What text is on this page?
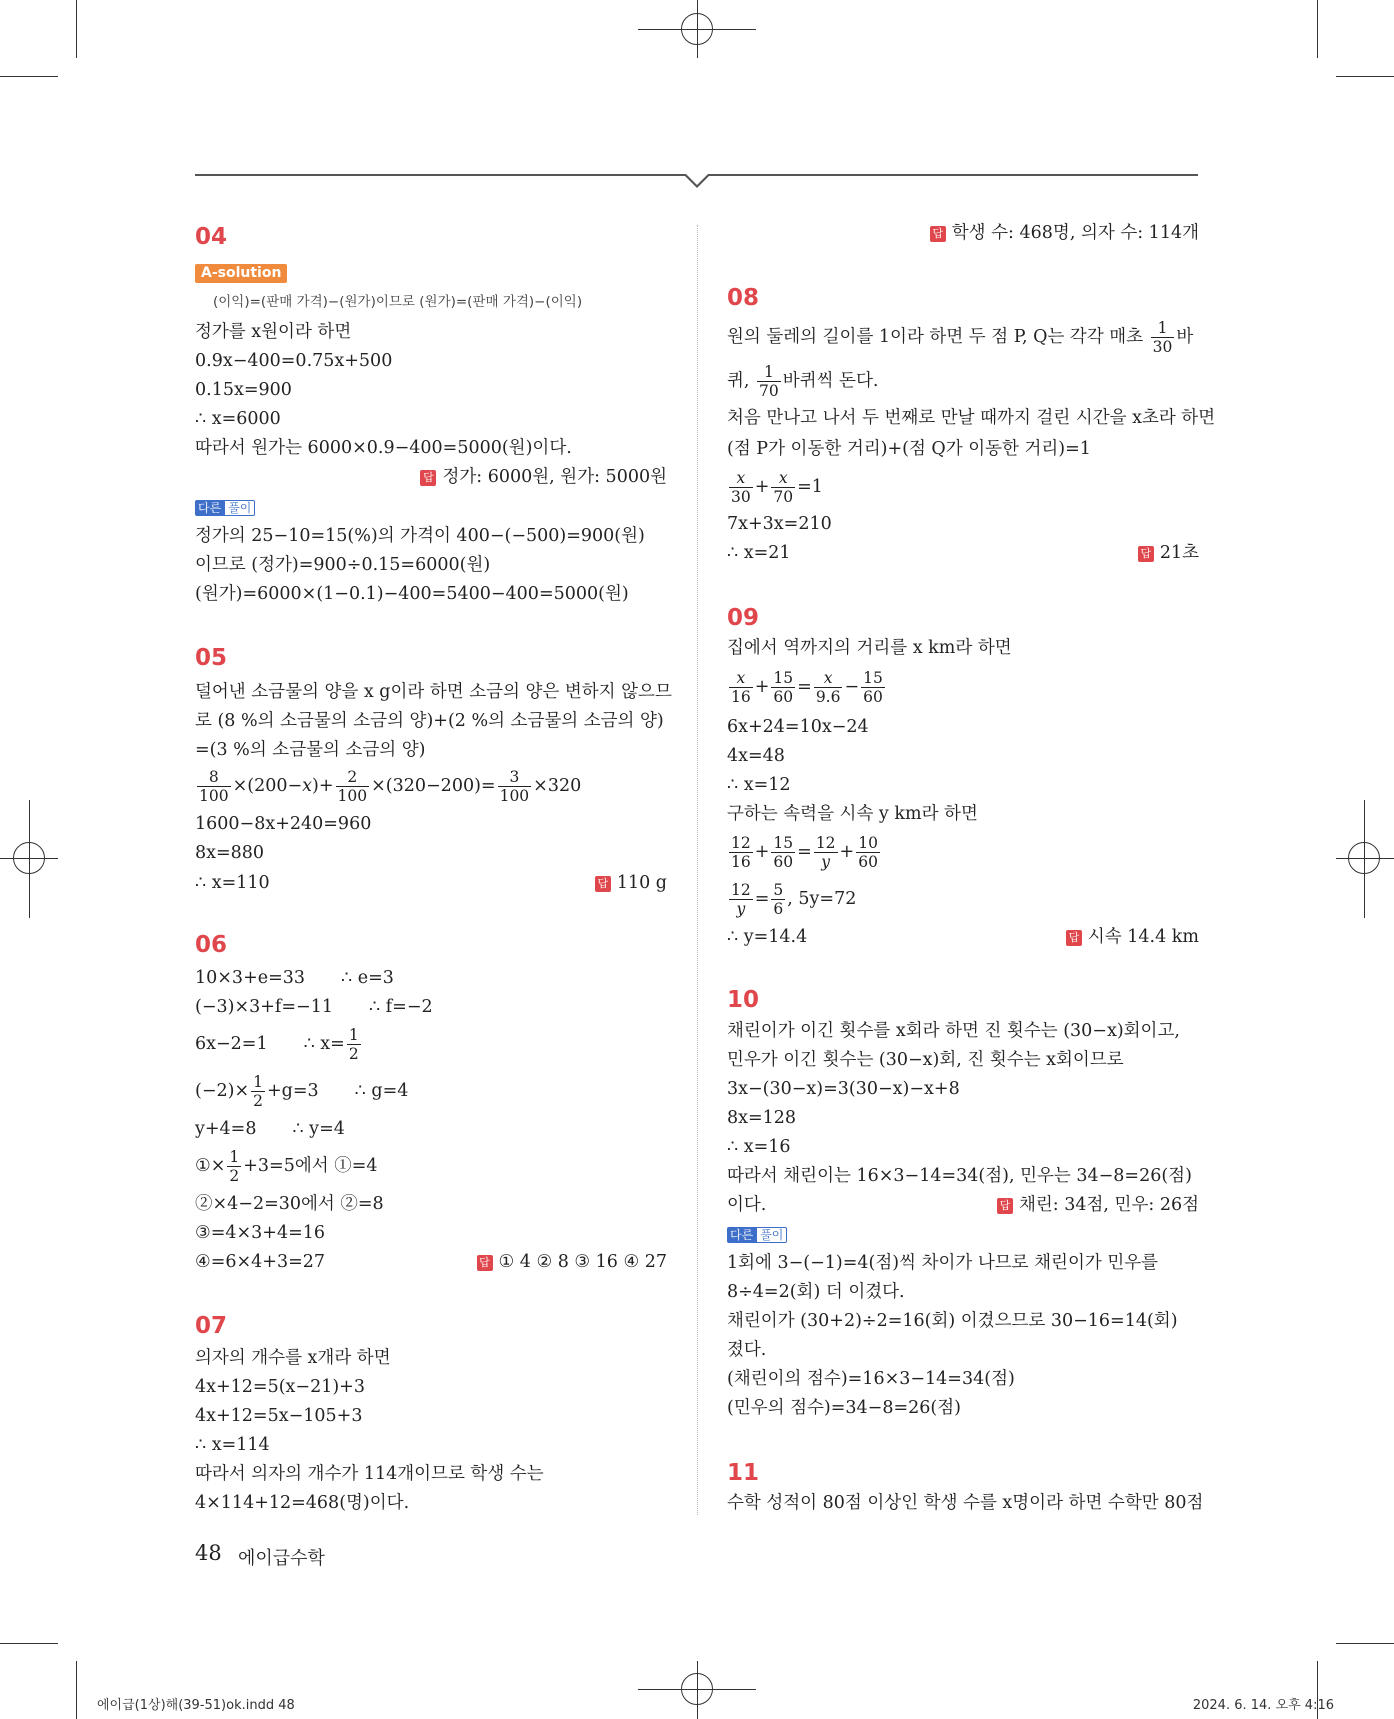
04
A-solution
(이익)=(판매 가격)−(원가)이므로 (원가)=(판매 가격)−(이익)
정가를 x원이라 하면
0.9x−400=0.75x+500
0.15x=900
∴ x=6000
따라서 원가는 6000×0.9−400=5000(원)이다.
답 정가: 6000원, 원가: 5000원
다른 풀이
정가의 25−10=15(%)의 가격이 400−(−500)=900(원)
이므로 (정가)=900÷0.15=6000(원)
(원가)=6000×(1−0.1)−400=5400−400=5000(원)
05
덜어낸 소금물의 양을 x g이라 하면 소금의 양은 변하지 않으므
로 (8 %의 소금물의 소금의 양)+(2 %의 소금물의 소금의 양)
=(3 %의 소금물의 소금의 양)
$\frac{8}{100} \times(200-x)+ \frac{2}{100} \times(320-200)= \frac{3}{100} \times 320$
1600−8x+240=960
8x=880
∴ x=110	답 110 g
06
10×3+e=33 ∴ e=3
(−3)×3+f=−11 ∴ f=−2
6x−2=1 ∴ $x= \frac{1}{2}$
$(-2)\times \frac{1}{2} +g=3$ ∴ g=4
y+4=8 ∴ y=4
①× $\frac{1}{2} +3=5$에서 ①=4
②×4−2=30에서 ②=8
③=4×3+4=16
④=6×4+3=27	답 ① 4 ② 8 ③ 16 ④ 27
07
의자의 개수를 x개라 하면
4x+12=5(x−21)+3
4x+12=5x−105+3
∴ x=114
따라서 의자의 개수가 114개이므로 학생 수는
4×114+12=468(명)이다.
답 학생 수: 468명, 의자 수: 114개
08
원의 둘레의 길이를 1이라 하면 두 점 P, Q는 각각 매초 $\frac{1}{30}$ 바
퀴, $\frac{1}{70}$ 바퀴씩 돈다.
처음 만나고 나서 두 번째로 만날 때까지 걸린 시간을 x초라 하면
(점 P가 이동한 거리)+(점 Q가 이동한 거리)=1
$\frac{x}{30} + \frac{x}{70} =1$
7x+3x=210
∴ x=21	답 21초
09
집에서 역까지의 거리를 x km라 하면
$\frac{x}{16} + \frac{15}{60} = \frac{x}{9.6} - \frac{15}{60}$
6x+24=10x−24
4x=48
∴ x=12
구하는 속력을 시속 y km라 하면
$\frac{12}{16} + \frac{15}{60} = \frac{12}{y} + \frac{10}{60}$
$\frac{12}{y} = \frac{5}{6}$ , 5y=72
∴ y=14.4	답 시속 14.4 km
10
채린이가 이긴 횟수를 x회라 하면 진 횟수는 (30−x)회이고,
민우가 이긴 횟수는 (30−x)회, 진 횟수는 x회이므로
3x−(30−x)=3(30−x)−x+8
8x=128
∴ x=16
따라서 채린이는 16×3−14=34(점), 민우는 34−8=26(점)
이다.	답 채린: 34점, 민우: 26점
다른 풀이
1회에 3−(−1)=4(점)씩 차이가 나므로 채린이가 민우를
8÷4=2(회) 더 이겼다.
채린이가 (30+2)÷2=16(회) 이겼으므로 30−16=14(회)
졌다.
(채린이의 점수)=16×3−14=34(점)
(민우의 점수)=34−8=26(점)
11
수학 성적이 80점 이상인 학생 수를 x명이라 하면 수학만 80점
48 에이급수학
에이급(1상)해(39-51)ok.indd 48	2024. 6. 14. 오후 4:16
